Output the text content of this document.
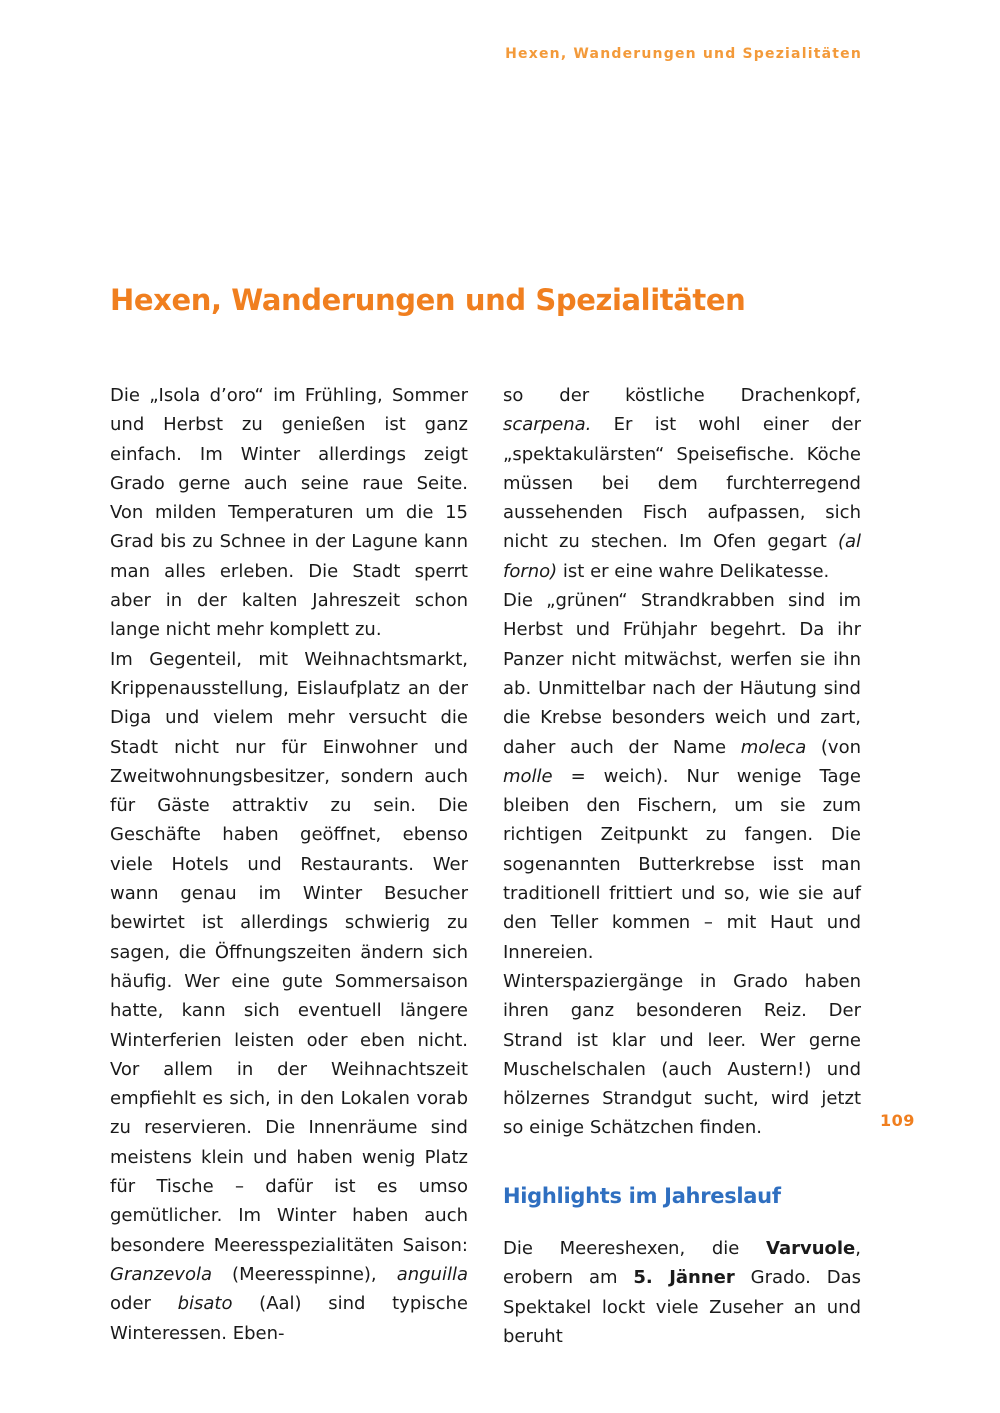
Hexen, Wanderungen und Spezialitäten
Hexen, Wanderungen und Spezialitäten

Die „Isola d’oro“ im Frühling, Sommer und Herbst zu genießen ist ganz einfach. Im Winter allerdings zeigt Grado gerne auch seine raue Seite. Von milden Temperaturen um die 15 Grad bis zu Schnee in der Lagune kann man alles erleben. Die Stadt sperrt aber in der kalten Jahreszeit schon lange nicht mehr komplett zu.

Im Gegenteil, mit Weihnachtsmarkt, Krippenausstellung, Eislaufplatz an der Diga und vielem mehr versucht die Stadt nicht nur für Einwohner und Zweitwohnungsbesitzer, sondern auch für Gäste attraktiv zu sein. Die Geschäfte haben geöffnet, ebenso viele Hotels und Restaurants. Wer wann genau im Winter Besucher bewirtet ist allerdings schwierig zu sagen, die Öffnungszeiten ändern sich häufig. Wer eine gute Sommersaison hatte, kann sich eventuell längere Winterferien leisten oder eben nicht. Vor allem in der Weihnachtszeit empfiehlt es sich, in den Lokalen vorab zu reservieren. Die Innenräume sind meistens klein und haben wenig Platz für Tische – dafür ist es umso gemütlicher. Im Winter haben auch besondere Meeresspezialitäten Saison: Granzevola (Meeresspinne), anguilla oder bisato (Aal) sind typische Winteressen. Eben-

so der köstliche Drachenkopf, scarpena. Er ist wohl einer der „spektakulärsten“ Speisefische. Köche müssen bei dem furchterregend aussehenden Fisch aufpassen, sich nicht zu stechen. Im Ofen gegart (al forno) ist er eine wahre Delikatesse.

Die „grünen“ Strandkrabben sind im Herbst und Frühjahr begehrt. Da ihr Panzer nicht mitwächst, werfen sie ihn ab. Unmittelbar nach der Häutung sind die Krebse besonders weich und zart, daher auch der Name moleca (von molle = weich). Nur wenige Tage bleiben den Fischern, um sie zum richtigen Zeitpunkt zu fangen. Die sogenannten Butterkrebse isst man traditionell frittiert und so, wie sie auf den Teller kommen – mit Haut und Innereien.

Winterspaziergänge in Grado haben ihren ganz besonderen Reiz. Der Strand ist klar und leer. Wer gerne Muschelschalen (auch Austern!) und hölzernes Strandgut sucht, wird jetzt so einige Schätzchen finden.

Highlights im Jahreslauf

Die Meereshexen, die Varvuole, erobern am 5. Jänner Grado. Das Spektakel lockt viele Zuseher an und beruht

109
